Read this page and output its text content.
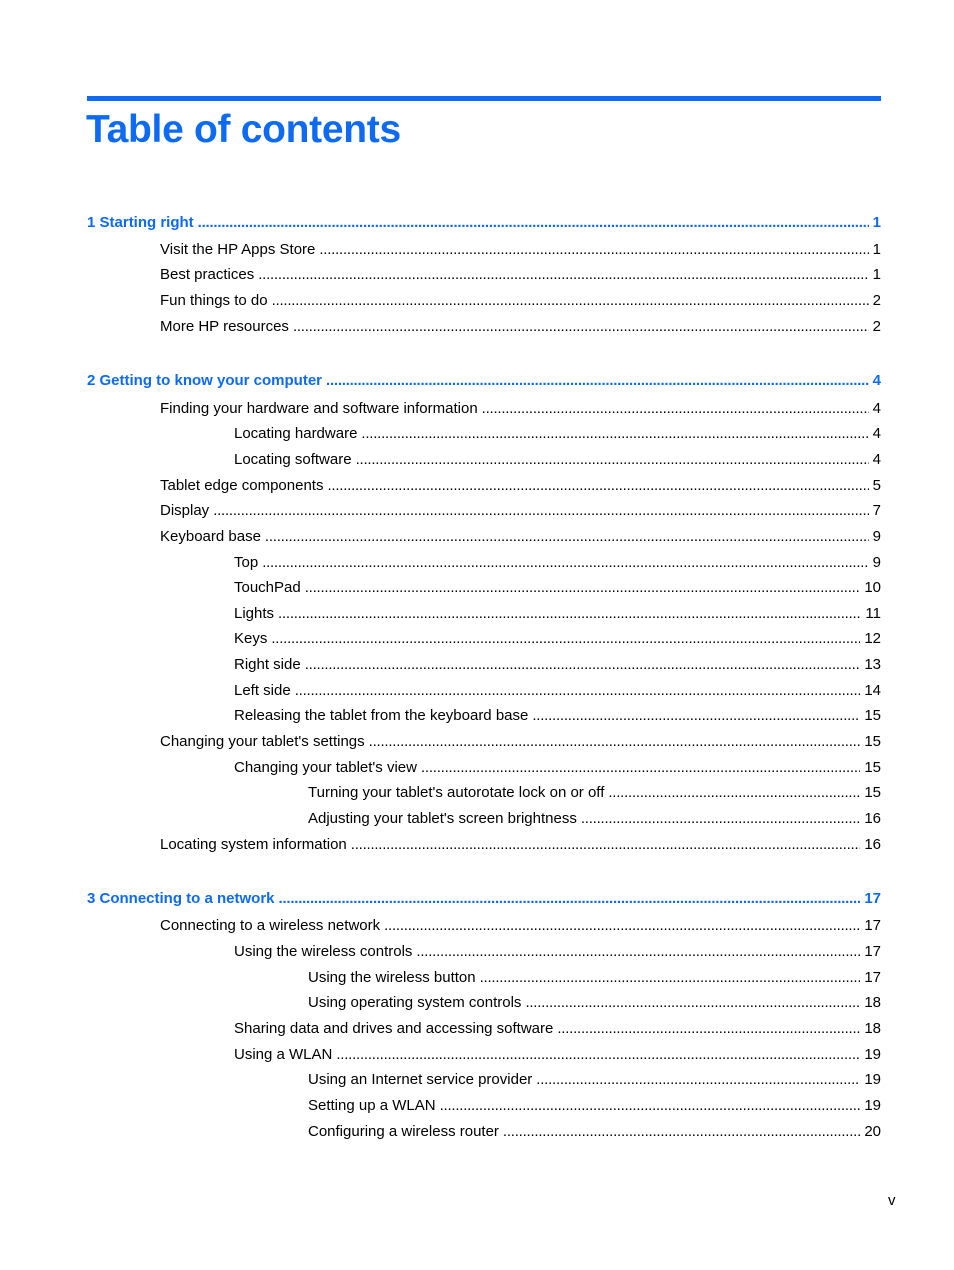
Table of contents
1 Starting right . . .	1
Visit the HP Apps Store . . .	1
Best practices . . .	1
Fun things to do . . .	2
More HP resources . . .	2
2 Getting to know your computer . . .	4
Finding your hardware and software information . . .	4
Locating hardware . . .	4
Locating software . . .	4
Tablet edge components . . .	5
Display . . .	7
Keyboard base . . .	9
Top . . .	9
TouchPad . . .	10
Lights . . .	11
Keys . . .	12
Right side . . .	13
Left side . . .	14
Releasing the tablet from the keyboard base . . .	15
Changing your tablet's settings . . .	15
Changing your tablet's view . . .	15
Turning your tablet's autorotate lock on or off . . .	15
Adjusting your tablet's screen brightness . . .	16
Locating system information . . .	16
3 Connecting to a network . . .	17
Connecting to a wireless network . . .	17
Using the wireless controls . . .	17
Using the wireless button . . .	17
Using operating system controls . . .	18
Sharing data and drives and accessing software . . .	18
Using a WLAN . . .	19
Using an Internet service provider . . .	19
Setting up a WLAN . . .	19
Configuring a wireless router . . .	20
v
